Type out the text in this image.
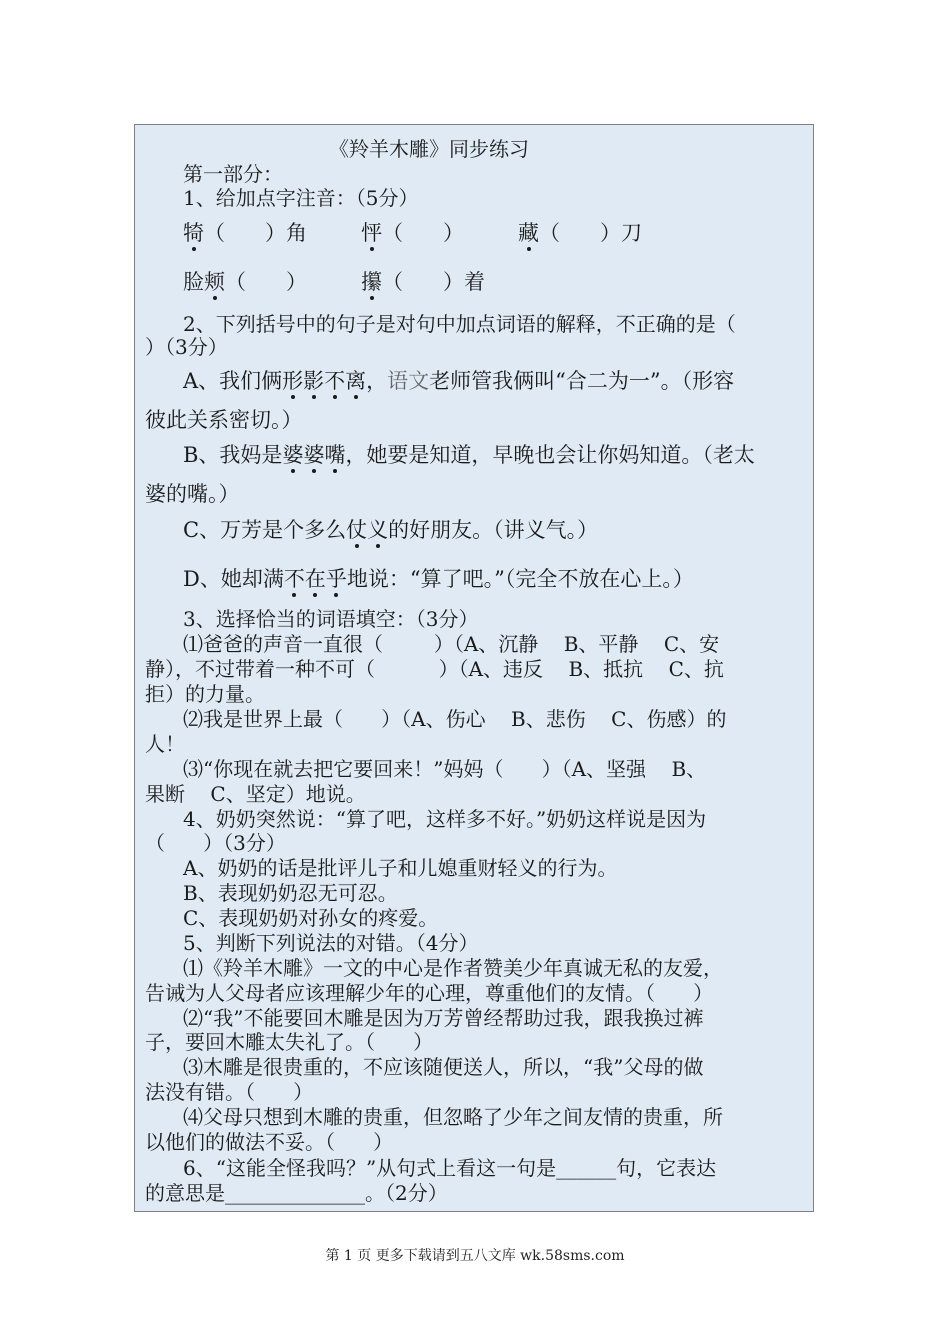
《羚羊木雕》同步练习
第一部分：
1、给加点字注音：（5分）
犄（      ）角	怦（      ）	藏（      ）刀
脸颊（      ）	攥（      ）着
2、下列括号中的句子是对句中加点词语的解释，不正确的是（
）（3分）
A、我们俩形影不离，语文老师管我俩叫“合二为一”。（形容
彼此关系密切。）
B、我妈是婆婆嘴，她要是知道，早晚也会让你妈知道。（老太
婆的嘴。）
C、万芳是个多么仗义的好朋友。（讲义气。）
D、她却满不在乎地说：“算了吧。”（完全不放在心上。）
3、选择恰当的词语填空：（3分）
⑴爸爸的声音一直很（        ）（A、沉静    B、平静    C、安
静），不过带着一种不可（          ）（A、违反    B、抵抗    C、抗
拒）的力量。
⑵我是世界上最（      ）（A、伤心    B、悲伤    C、伤感）的
人！
⑶“你现在就去把它要回来！”妈妈（      ）（A、坚强    B、
果断    C、坚定）地说。
4、奶奶突然说：“算了吧，这样多不好。”奶奶这样说是因为
（      ）（3分）
A、奶奶的话是批评儿子和儿媳重财轻义的行为。
B、表现奶奶忍无可忍。
C、表现奶奶对孙女的疼爱。
5、判断下列说法的对错。（4分）
⑴《羚羊木雕》一文的中心是作者赞美少年真诚无私的友爱，
告诫为人父母者应该理解少年的心理，尊重他们的友情。（      ）
⑵“我”不能要回木雕是因为万芳曾经帮助过我，跟我换过裤
子，要回木雕太失礼了。（      ）
⑶木雕是很贵重的，不应该随便送人，所以，“我”父母的做
法没有错。（      ）
⑷父母只想到木雕的贵重，但忽略了少年之间友情的贵重，所
以他们的做法不妥。（      ）
6、“这能全怪我吗？”从句式上看这一句是______句，它表达
的意思是______________。（2分）
第 1 页 更多下载请到五八文库 wk.58sms.com
